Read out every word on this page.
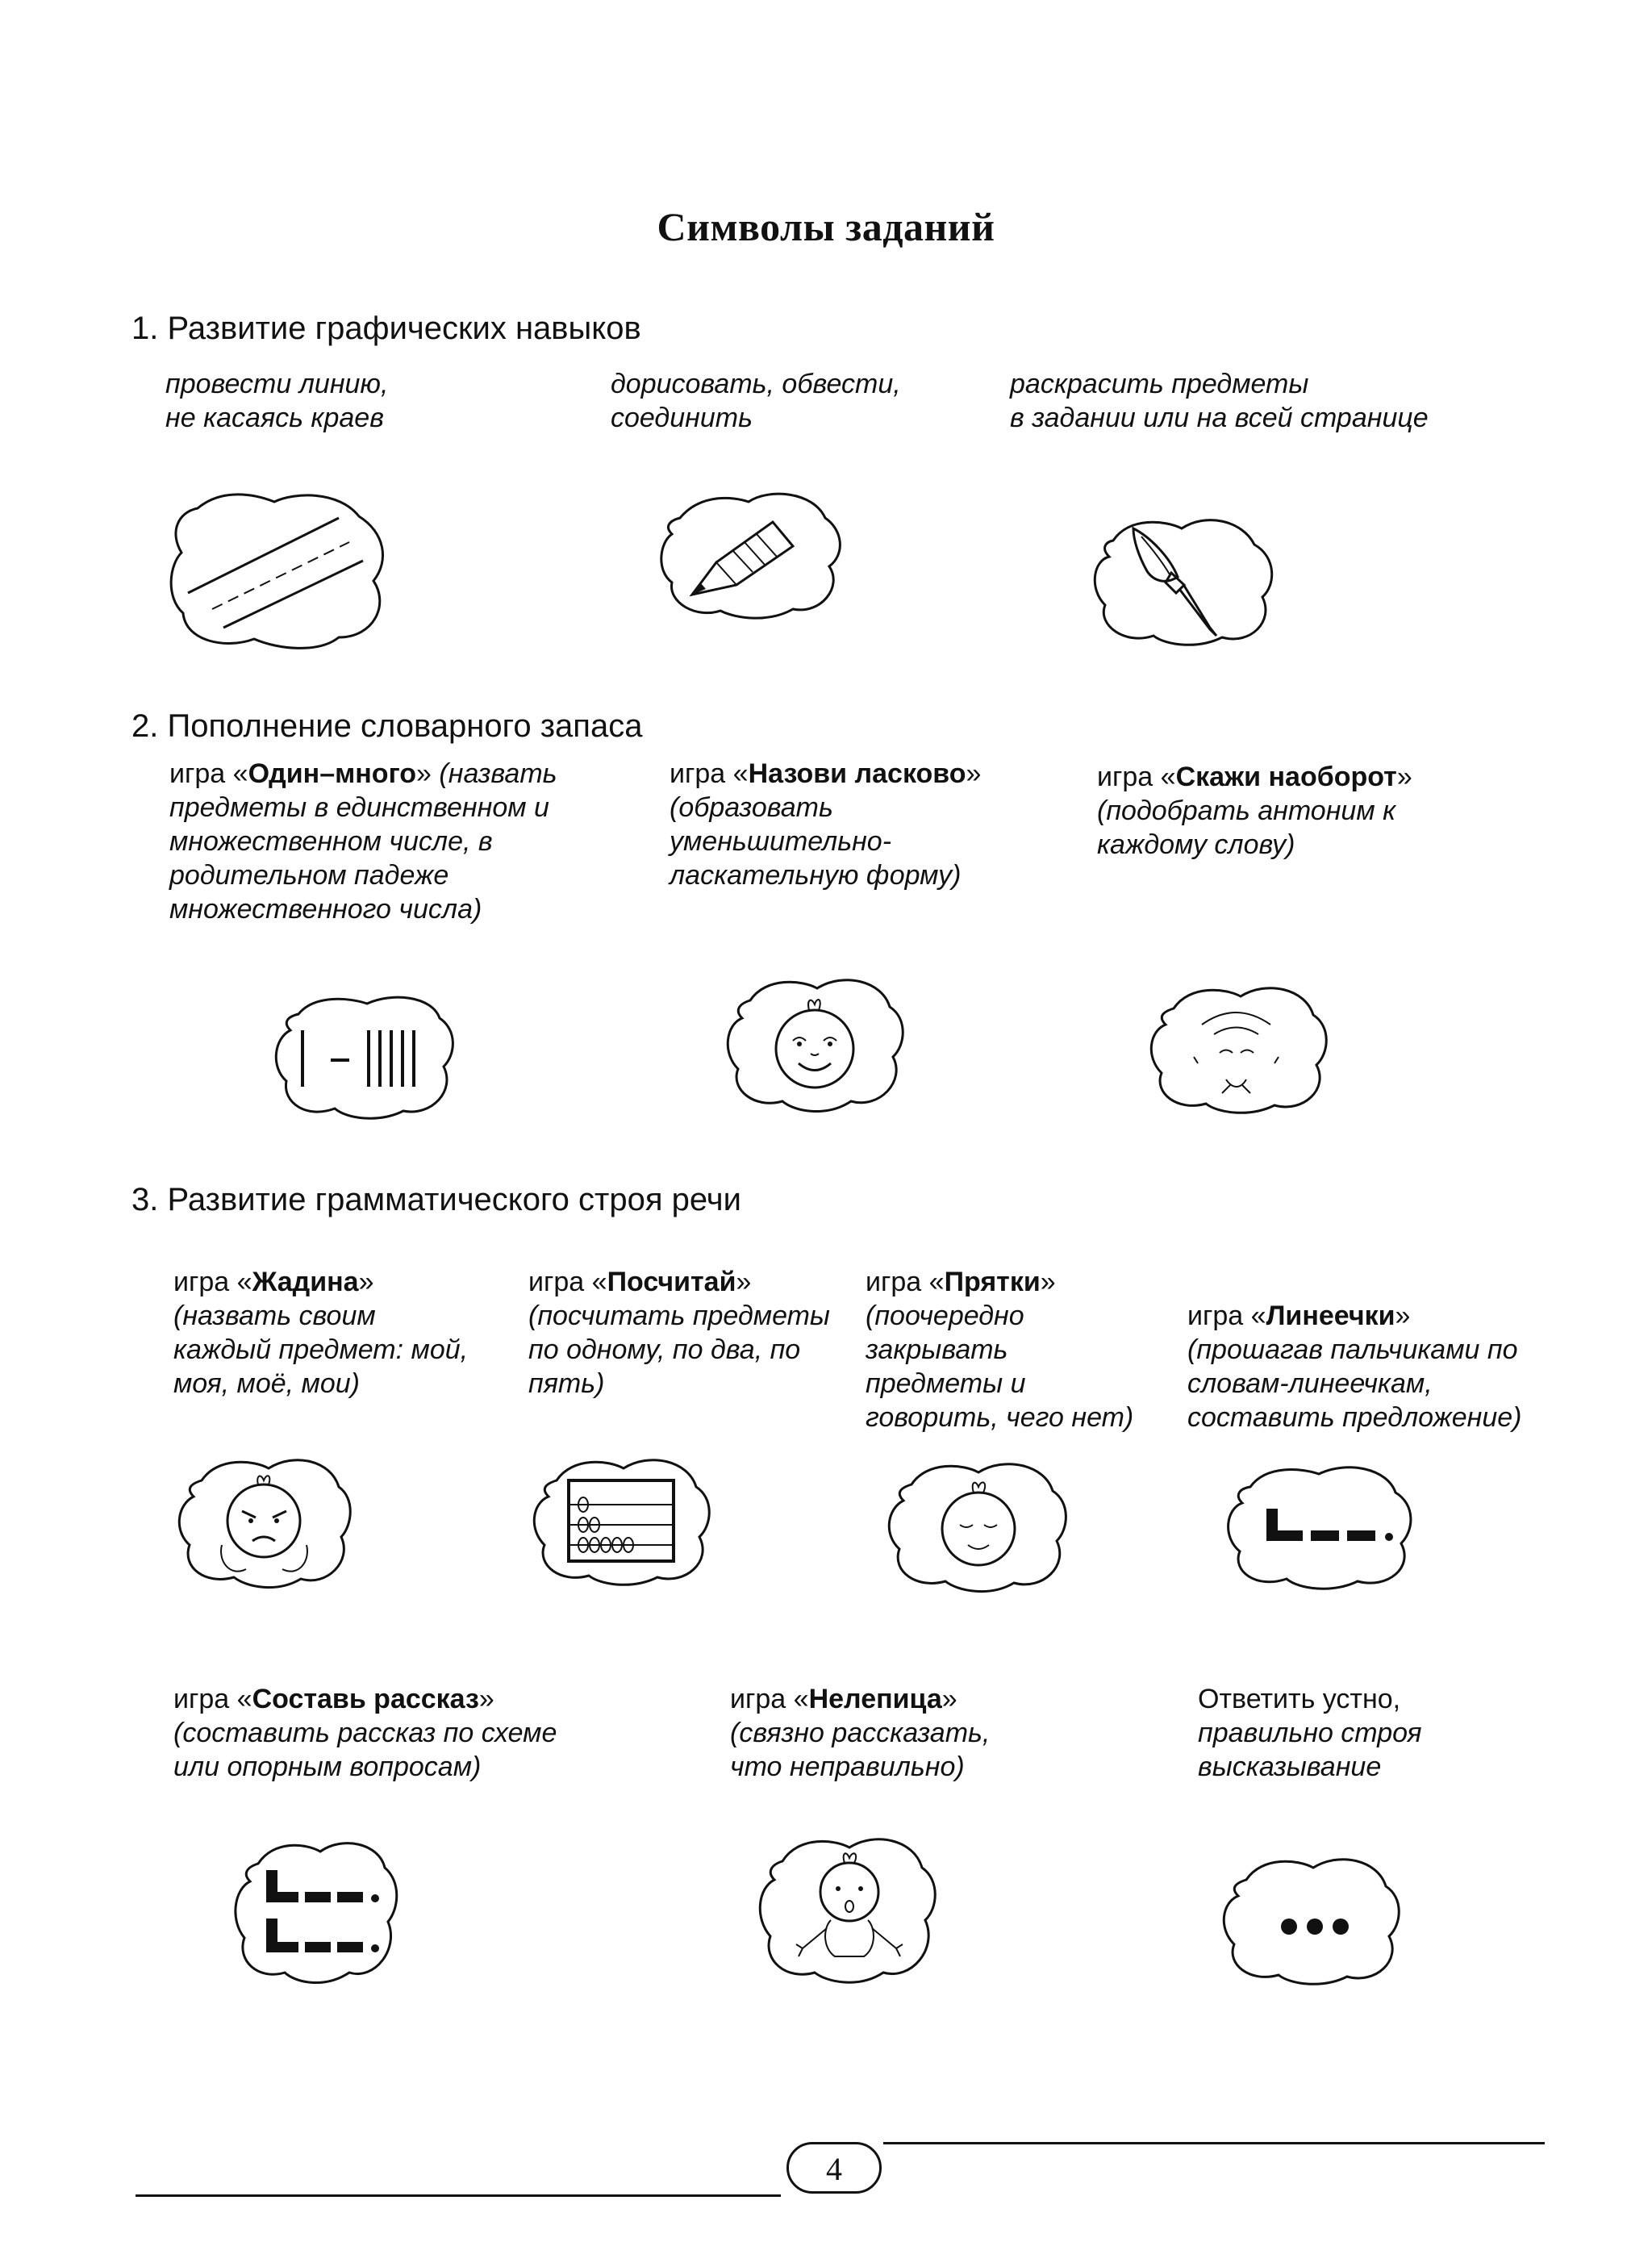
Символы заданий
1. Развитие графических навыков
провести линию,
не касаясь краев
дорисовать, обвести,
соединить
раскрасить предметы
в задании или на всей странице
2. Пополнение словарного запаса
игра «Один–много» (назвать предметы в единственном и множественном числе, в родительном падеже множественного числа)
игра «Назови ласково»
(образовать уменьшительно-ласкательную форму)
игра «Скажи наоборот»
(подобрать антоним к каждому слову)
3. Развитие грамматического строя речи
игра «Жадина»
(назвать своим каждый предмет: мой, моя, моё, мои)
игра «Посчитай»
(посчитать предметы по одному, по два, по пять)
игра «Прятки»
(поочередно закрывать предметы и говорить, чего нет)
игра «Линеечки»
(прошагав пальчиками по словам-линеечкам, составить предложение)
игра «Составь рассказ»
(составить рассказ по схеме или опорным вопросам)
игра «Нелепица»
(связно рассказать, что неправильно)
Ответить устно,
правильно строя высказывание
4
